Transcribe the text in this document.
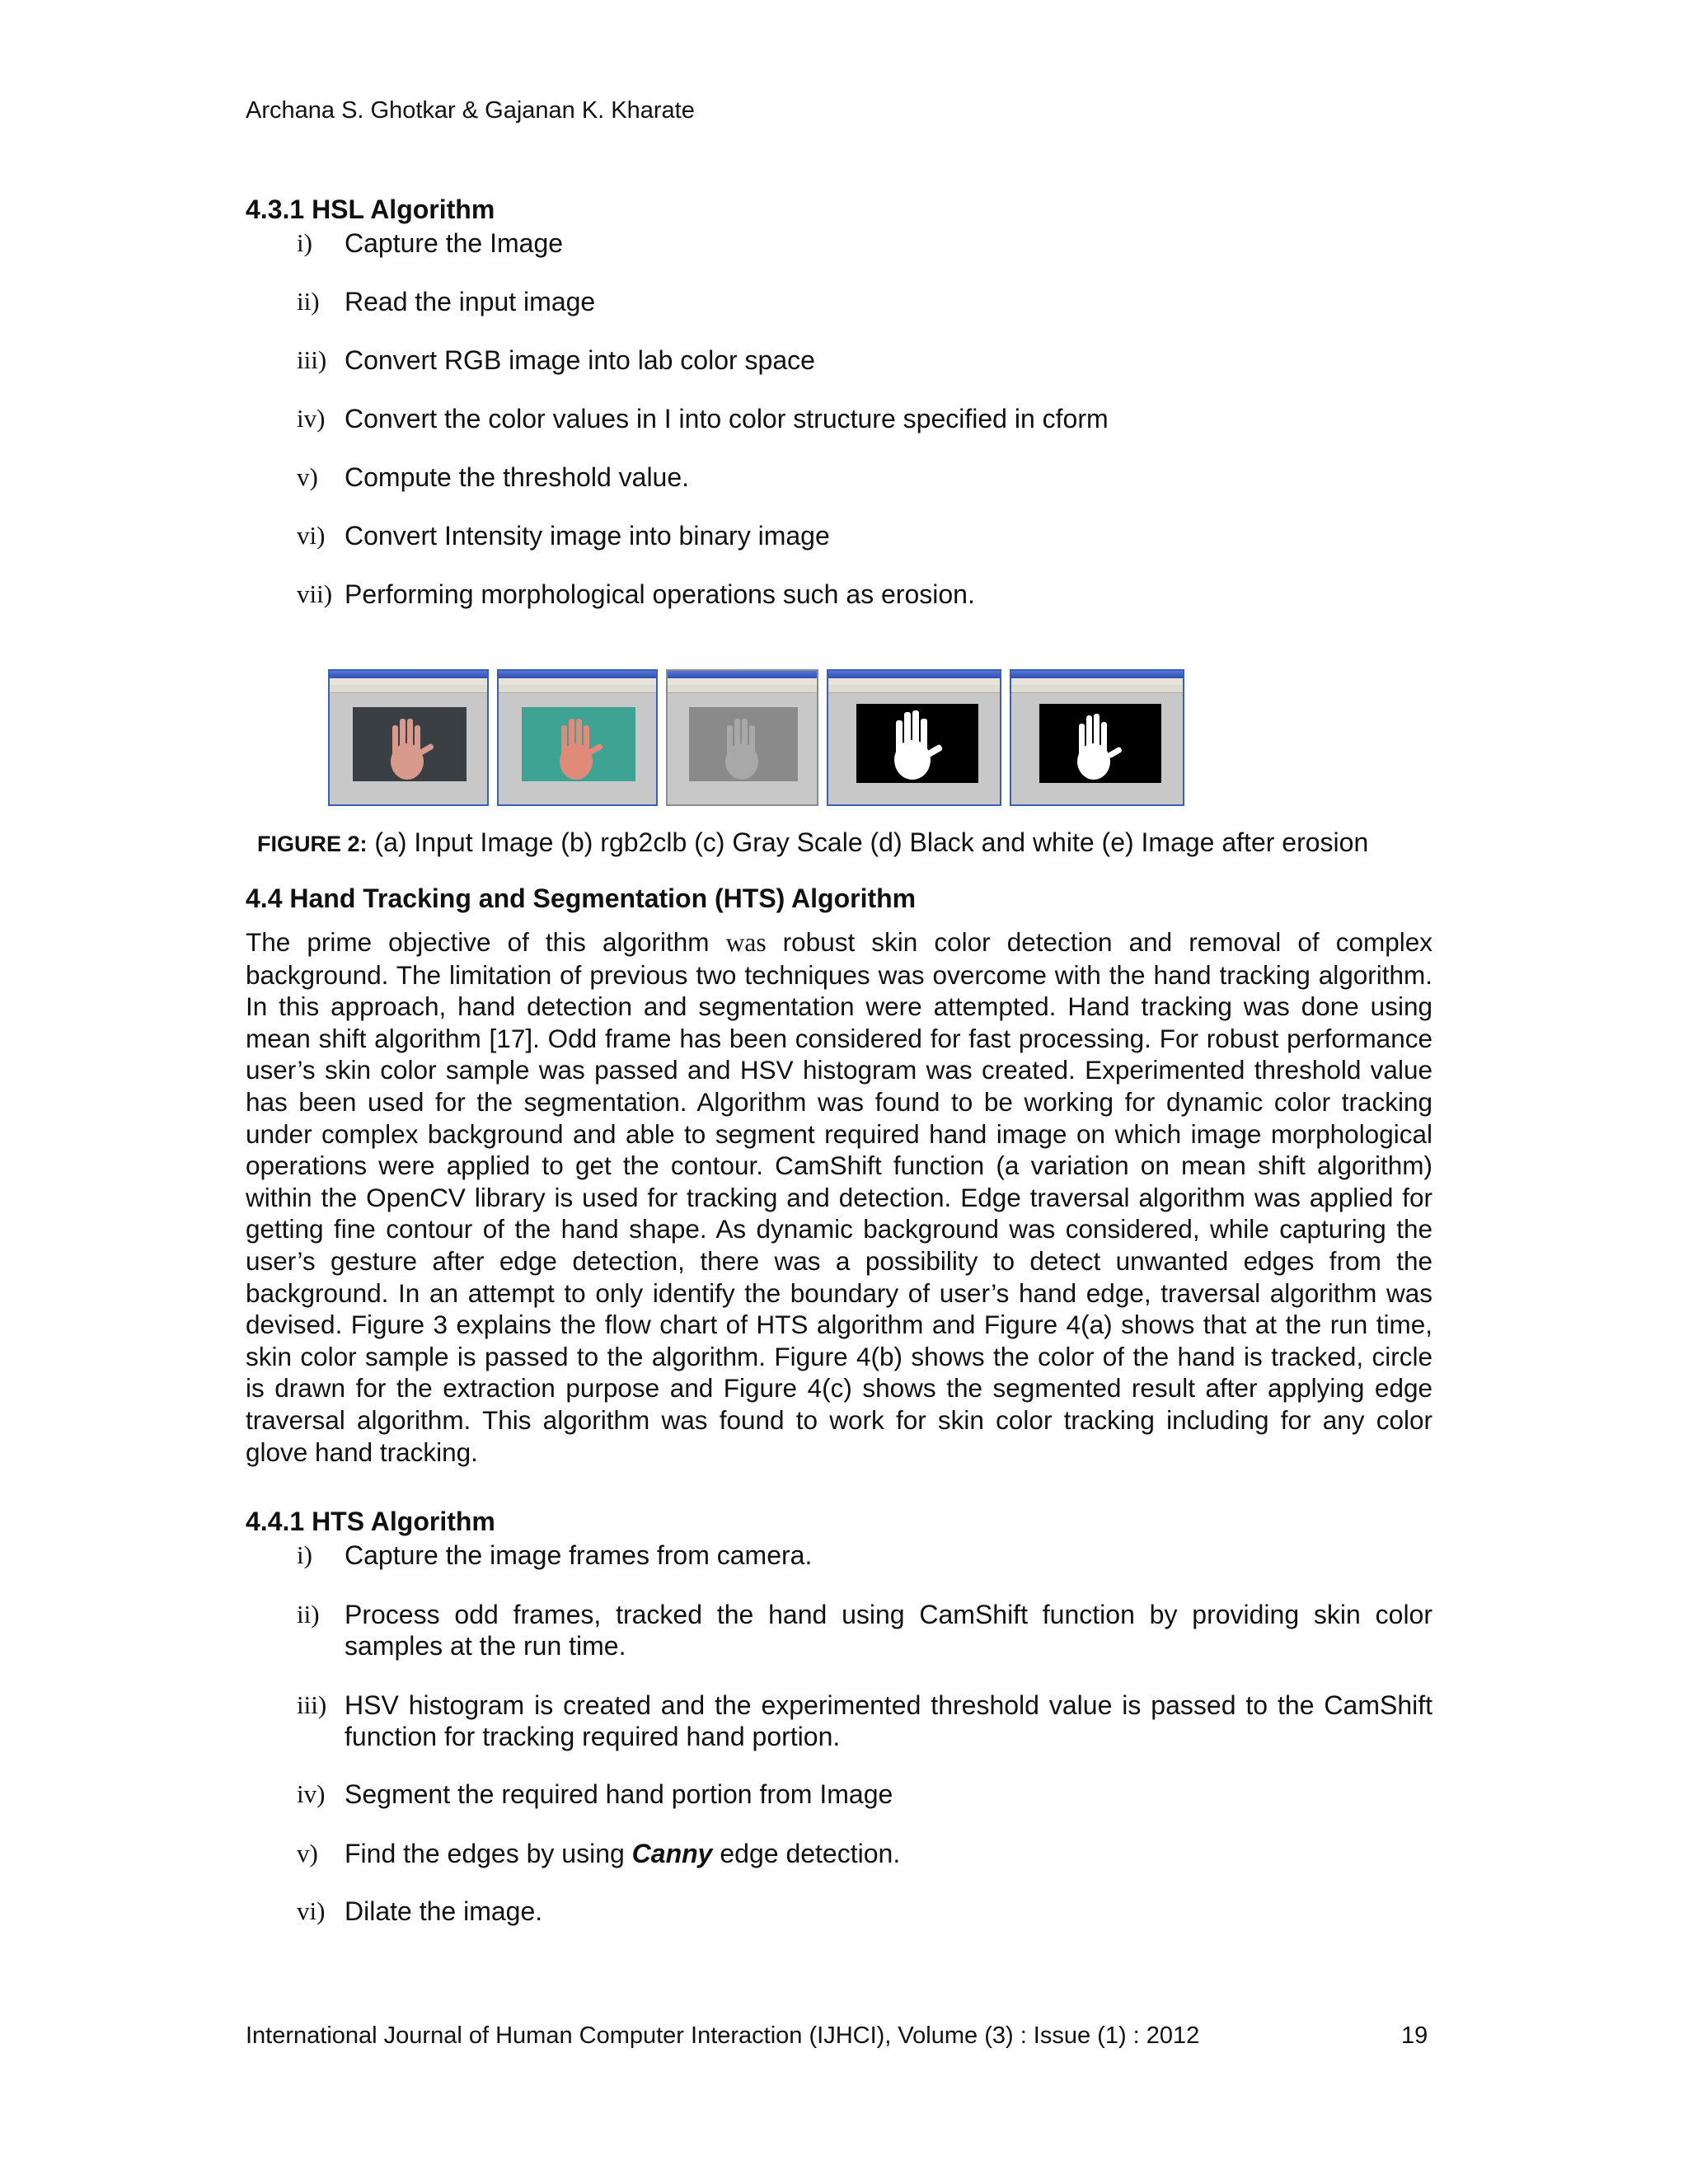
Archana S. Ghotkar & Gajanan K. Kharate
4.3.1 HSL Algorithm
i) Capture the Image
ii) Read the input image
iii) Convert RGB image into lab color space
iv) Convert the color values in I into color structure specified in cform
v) Compute the threshold value.
vi) Convert Intensity image into binary image
vii) Performing morphological operations such as erosion.
FIGURE 2: (a) Input Image (b) rgb2clb (c) Gray Scale (d) Black and white (e) Image after erosion
4.4 Hand Tracking and Segmentation (HTS) Algorithm

The prime objective of this algorithm was robust skin color detection and removal of complex background. The limitation of previous two techniques was overcome with the hand tracking algorithm. In this approach, hand detection and segmentation were attempted. Hand tracking was done using mean shift algorithm [17]. Odd frame has been considered for fast processing. For robust performance user’s skin color sample was passed and HSV histogram was created. Experimented threshold value has been used for the segmentation. Algorithm was found to be working for dynamic color tracking under complex background and able to segment required hand image on which image morphological operations were applied to get the contour. CamShift function (a variation on mean shift algorithm) within the OpenCV library is used for tracking and detection. Edge traversal algorithm was applied for getting fine contour of the hand shape. As dynamic background was considered, while capturing the user’s gesture after edge detection, there was a possibility to detect unwanted edges from the background. In an attempt to only identify the boundary of user’s hand edge, traversal algorithm was devised. Figure 3 explains the flow chart of HTS algorithm and Figure 4(a) shows that at the run time, skin color sample is passed to the algorithm. Figure 4(b) shows the color of the hand is tracked, circle is drawn for the extraction purpose and Figure 4(c) shows the segmented result after applying edge traversal algorithm. This algorithm was found to work for skin color tracking including for any color glove hand tracking.

4.4.1 HTS Algorithm
i) Capture the image frames from camera.
ii) Process odd frames, tracked the hand using CamShift function by providing skin color samples at the run time.
iii) HSV histogram is created and the experimented threshold value is passed to the CamShift function for tracking required hand portion.
iv) Segment the required hand portion from Image
v) Find the edges by using Canny edge detection.
vi) Dilate the image.
International Journal of Human Computer Interaction (IJHCI), Volume (3) : Issue (1) : 2012	19
